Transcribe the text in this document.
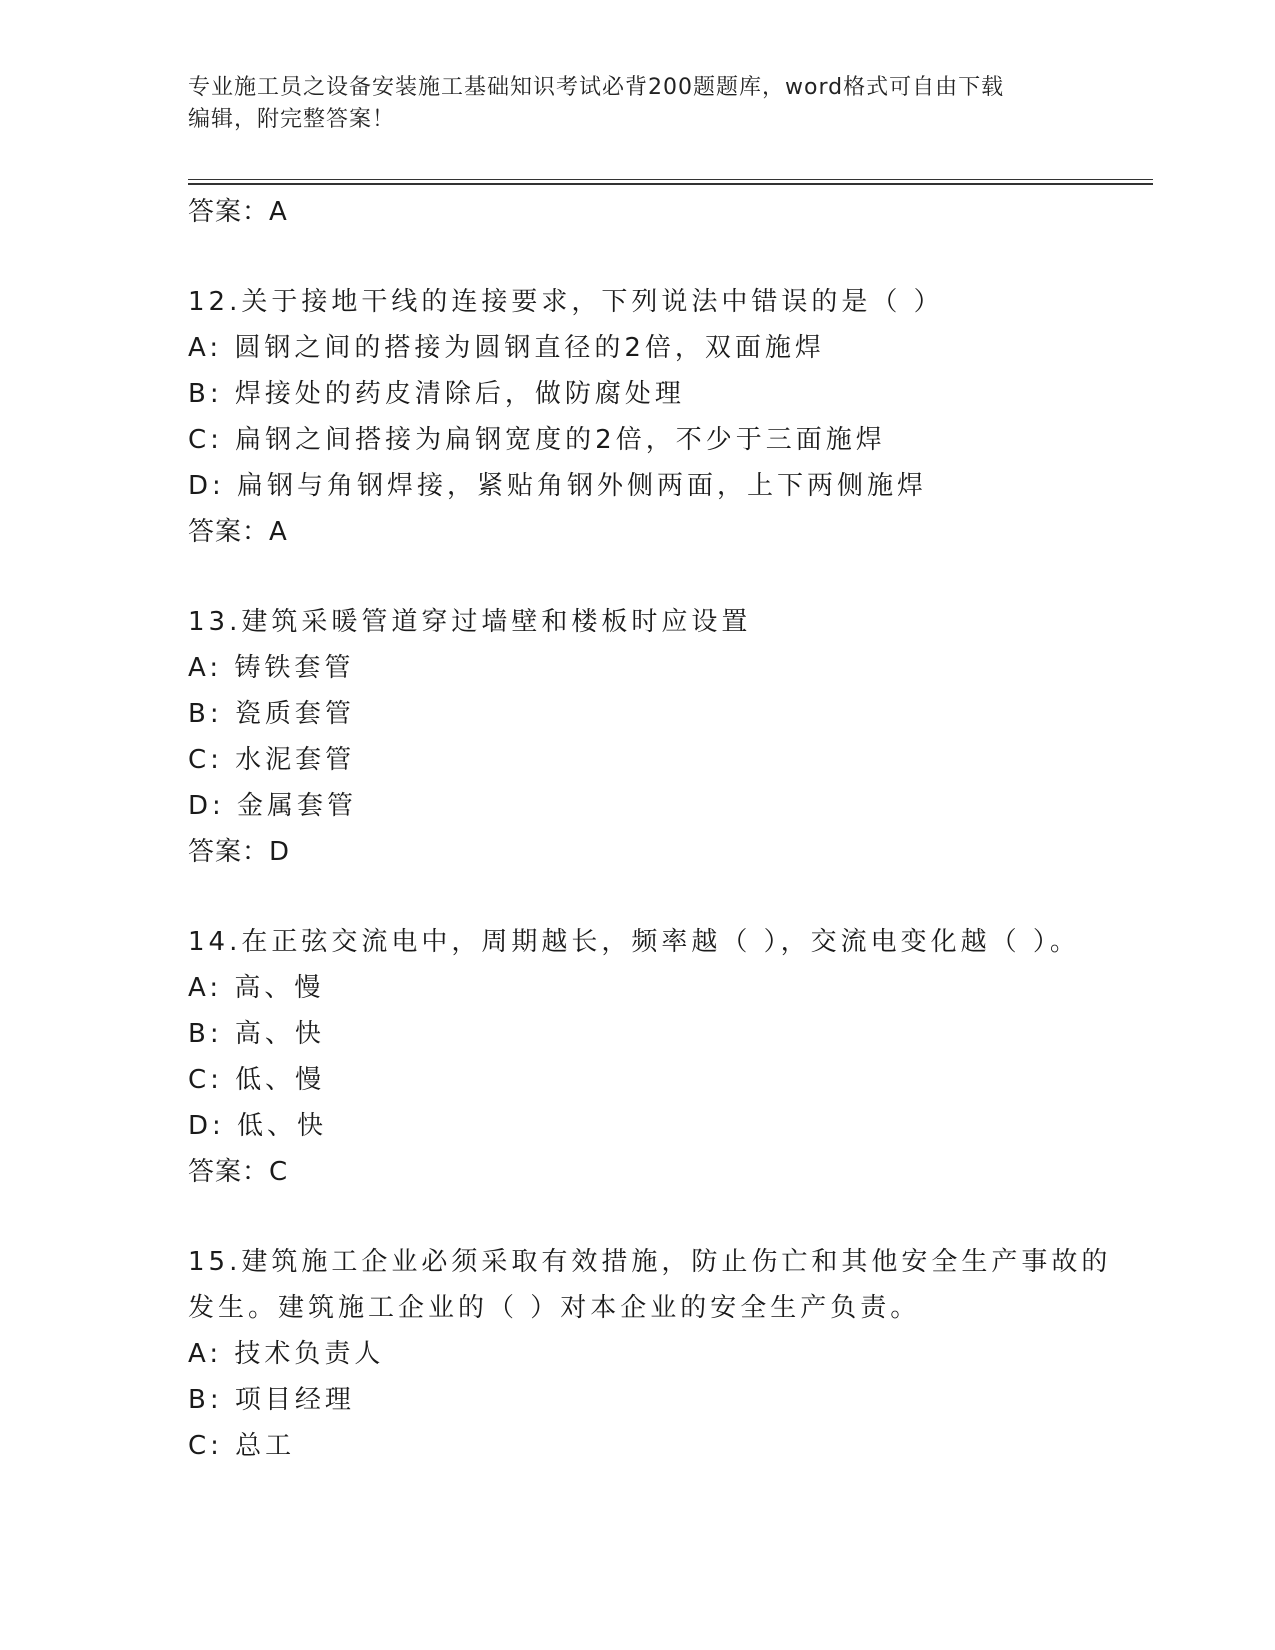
专业施工员之设备安装施工基础知识考试必背200题题库，word格式可自由下载
编辑，附完整答案！
答案：A
12.关于接地干线的连接要求，下列说法中错误的是（ ）
A: 圆钢之间的搭接为圆钢直径的2倍，双面施焊
B: 焊接处的药皮清除后，做防腐处理
C: 扁钢之间搭接为扁钢宽度的2倍，不少于三面施焊
D: 扁钢与角钢焊接，紧贴角钢外侧两面，上下两侧施焊
答案：A
13.建筑采暖管道穿过墙壁和楼板时应设置
A: 铸铁套管
B: 瓷质套管
C: 水泥套管
D: 金属套管
答案：D
14.在正弦交流电中，周期越长，频率越（ ），交流电变化越（ ）。
A: 高、慢
B: 高、快
C: 低、慢
D: 低、快
答案：C
15.建筑施工企业必须采取有效措施，防止伤亡和其他安全生产事故的
发生。建筑施工企业的（ ）对本企业的安全生产负责。
A: 技术负责人
B: 项目经理
C: 总工
